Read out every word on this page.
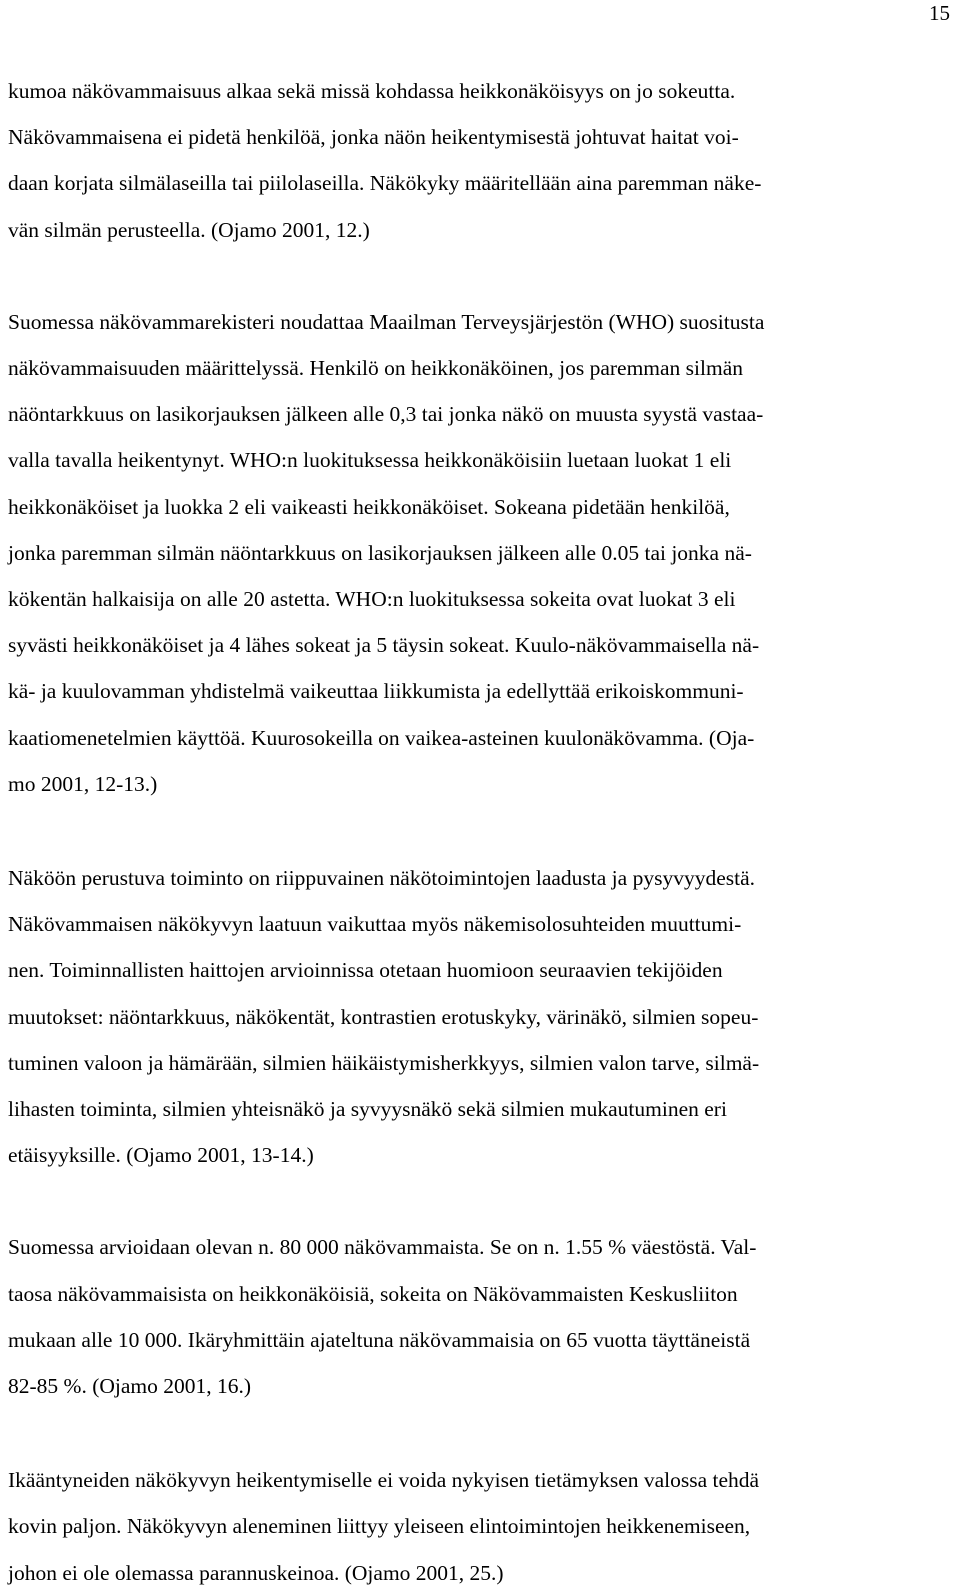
15

kumoa näkövammaisuus alkaa sekä missä kohdassa heikkonäköisyys on jo sokeutta.
Näkövammaisena ei pidetä henkilöä, jonka näön heikentymisestä johtuvat haitat voi-
daan korjata silmälaseilla tai piilolaseilla. Näkökyky määritellään aina paremman näke-
vän silmän perusteella. (Ojamo 2001, 12.)

Suomessa näkövammarekisteri noudattaa Maailman Terveysjärjestön (WHO) suositusta
näkövammaisuuden määrittelyssä. Henkilö on heikkonäköinen, jos paremman silmän
näöntarkkuus on lasikorjauksen jälkeen alle 0,3 tai jonka näkö on muusta syystä vastaa-
valla tavalla heikentynyt. WHO:n luokituksessa heikkonäköisiin luetaan luokat 1 eli
heikkonäköiset ja luokka 2 eli vaikeasti heikkonäköiset. Sokeana pidetään henkilöä,
jonka paremman silmän näöntarkkuus on lasikorjauksen jälkeen alle 0.05 tai jonka nä-
kökentän halkaisija on alle 20 astetta. WHO:n luokituksessa sokeita ovat luokat 3 eli
syvästi heikkonäköiset ja 4 lähes sokeat ja 5 täysin sokeat. Kuulo-näkövammaisella nä-
kä- ja kuulovamman yhdistelmä vaikeuttaa liikkumista ja edellyttää erikoiskommuni-
kaatiomenetelmien käyttöä. Kuurosokeilla on vaikea-asteinen kuulonäkövamma. (Oja-
mo 2001, 12-13.)

Näköön perustuva toiminto on riippuvainen näkötoimintojen laadusta ja pysyvyydestä.
Näkövammaisen näkökyvyn laatuun vaikuttaa myös näkemisolosuhteiden muuttumi-
nen. Toiminnallisten haittojen arvioinnissa otetaan huomioon seuraavien tekijöiden
muutokset: näöntarkkuus, näkökentät, kontrastien erotuskyky, värinäkö, silmien sopeu-
tuminen valoon ja hämärään, silmien häikäistymisherkkyys, silmien valon tarve, silmä-
lihasten toiminta, silmien yhteisnäkö ja syvyysnäkö sekä silmien mukautuminen eri
etäisyyksille. (Ojamo 2001, 13-14.)

Suomessa arvioidaan olevan n. 80 000 näkövammaista. Se on n. 1.55 % väestöstä. Val-
taosa näkövammaisista on heikkonäköisiä, sokeita on Näkövammaisten Keskusliiton
mukaan alle 10 000. Ikäryhmittäin ajateltuna näkövammaisia on 65 vuotta täyttäneistä
82-85 %. (Ojamo 2001, 16.)

Ikääntyneiden näkökyvyn heikentymiselle ei voida nykyisen tietämyksen valossa tehdä
kovin paljon. Näkökyvyn aleneminen liittyy yleiseen elintoimintojen heikkenemiseen,
johon ei ole olemassa parannuskeinoa. (Ojamo 2001, 25.)
